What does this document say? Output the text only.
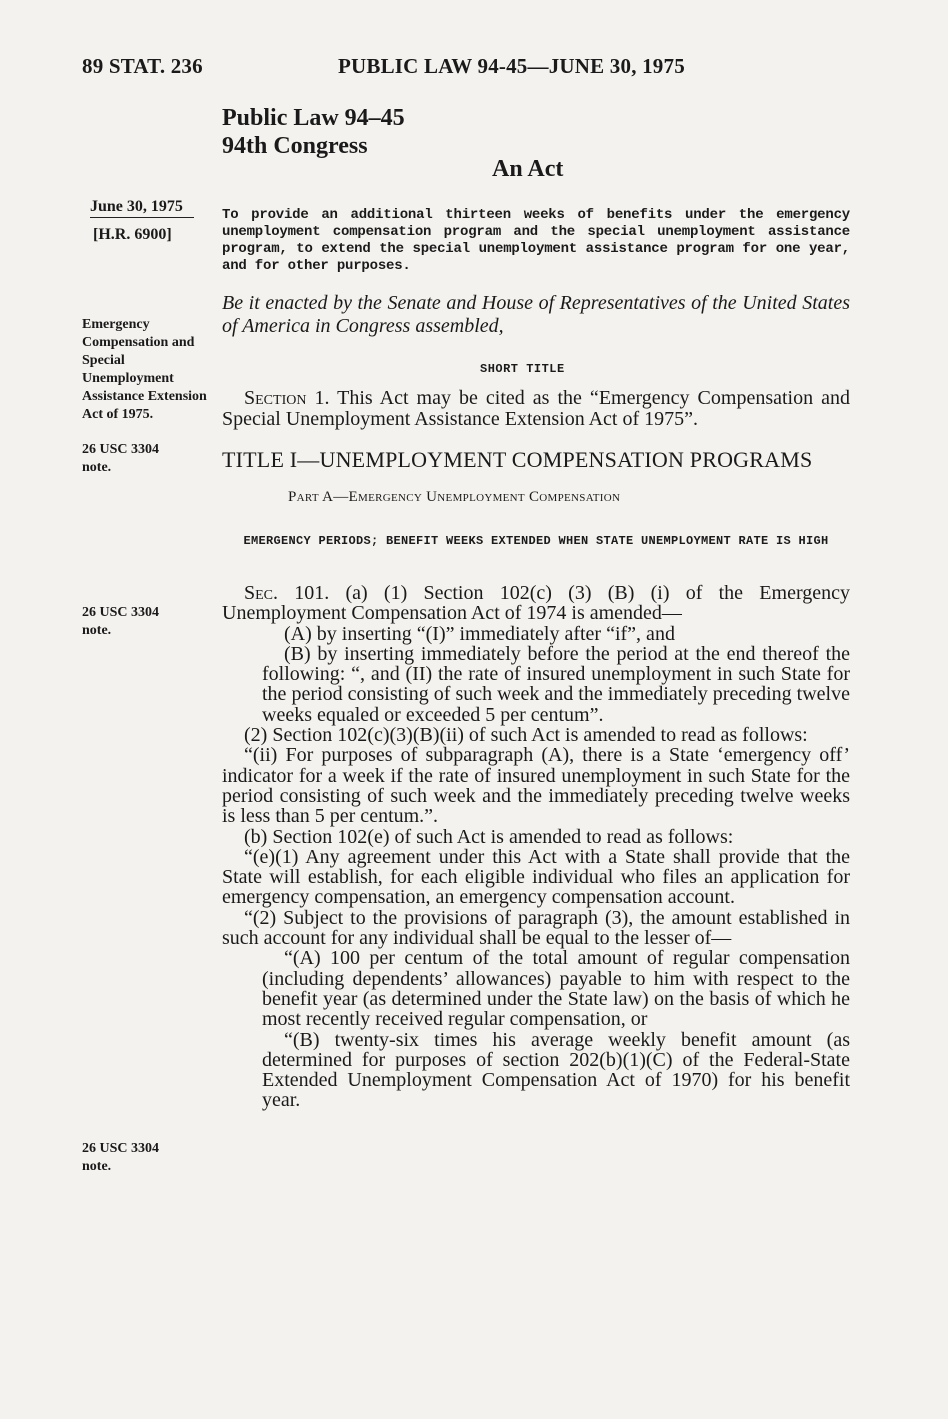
89 STAT. 236	PUBLIC LAW 94-45—JUNE 30, 1975
Public Law 94–45
94th Congress
An Act
June 30, 1975
[H.R. 6900]
To provide an additional thirteen weeks of benefits under the emergency unemployment compensation program and the special unemployment assistance program, to extend the special unemployment assistance program for one year, and for other purposes.
Be it enacted by the Senate and House of Representatives of the United States of America in Congress assembled,
Emergency Compensation and Special Unemployment Assistance Extension Act of 1975.
26 USC 3304
note.
SHORT TITLE
Section 1. This Act may be cited as the “Emergency Compensation and Special Unemployment Assistance Extension Act of 1975”.
TITLE I—UNEMPLOYMENT COMPENSATION PROGRAMS
Part A—Emergency Unemployment Compensation
EMERGENCY PERIODS; BENEFIT WEEKS EXTENDED WHEN STATE UNEMPLOYMENT RATE IS HIGH
26 USC 3304
note.

Sec. 101. (a) (1) Section 102(c) (3) (B) (i) of the Emergency Unemployment Compensation Act of 1974 is amended—

(A) by inserting “(I)” immediately after “if”, and

(B) by inserting immediately before the period at the end thereof the following: “, and (II) the rate of insured unemployment in such State for the period consisting of such week and the immediately preceding twelve weeks equaled or exceeded 5 per centum”.

(2) Section 102(c)(3)(B)(ii) of such Act is amended to read as follows:

“(ii) For purposes of subparagraph (A), there is a State ‘emergency off’ indicator for a week if the rate of insured unemployment in such State for the period consisting of such week and the immediately preceding twelve weeks is less than 5 per centum.”.

(b) Section 102(e) of such Act is amended to read as follows:

“(e)(1) Any agreement under this Act with a State shall provide that the State will establish, for each eligible individual who files an application for emergency compensation, an emergency compensation account.

“(2) Subject to the provisions of paragraph (3), the amount established in such account for any individual shall be equal to the lesser of—

“(A) 100 per centum of the total amount of regular compensation (including dependents’ allowances) payable to him with respect to the benefit year (as determined under the State law) on the basis of which he most recently received regular compensation, or

“(B) twenty-six times his average weekly benefit amount (as determined for purposes of section 202(b)(1)(C) of the Federal-State Extended Unemployment Compensation Act of 1970) for his benefit year.

26 USC 3304
note.
